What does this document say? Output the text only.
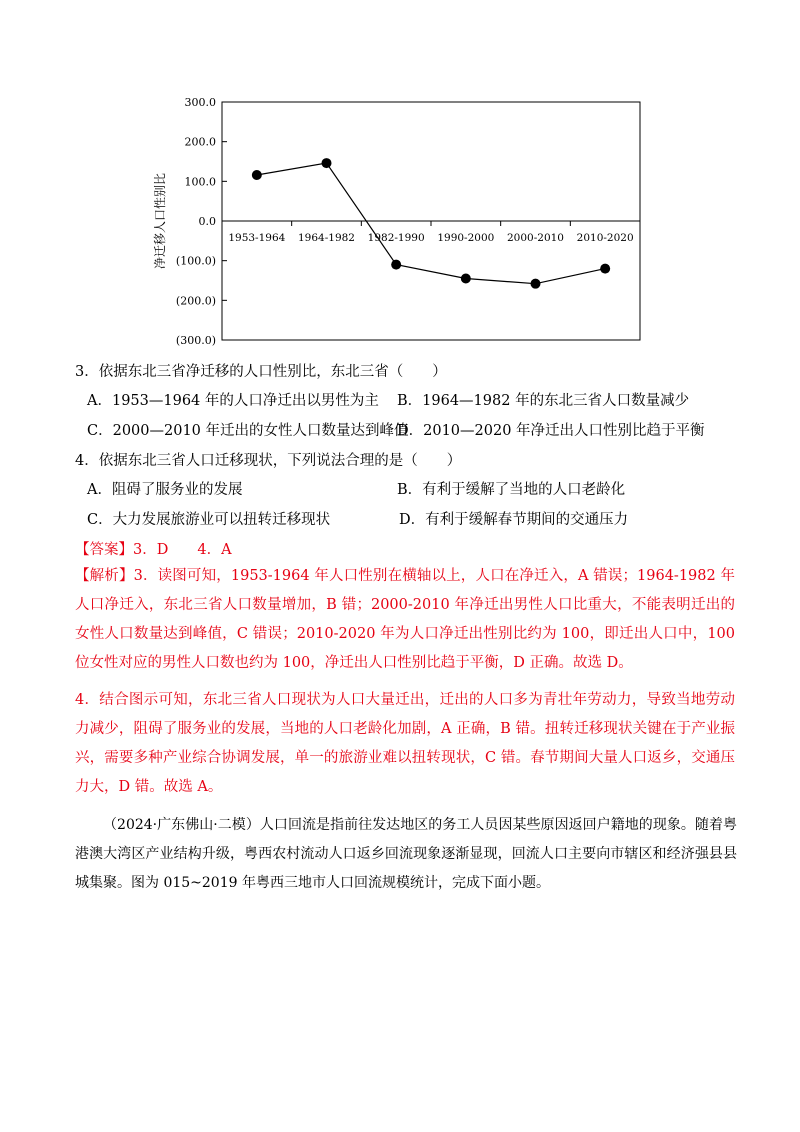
300.0
200.0
100.0
0.0
(100.0)
(200.0)
(300.0)
1953-1964 1964-1982 1982-1990 1990-2000 2000-2010 2010-2020
净迁移人口性别比
3．依据东北三省净迁移的人口性别比，东北三省（　　）
A．1953—1964 年的人口净迁出以男性为主 B．1964—1982 年的东北三省人口数量减少
C．2000—2010 年迁出的女性人口数量达到峰值
D．2010—2020 年净迁出人口性别比趋于平衡
4．依据东北三省人口迁移现状，下列说法合理的是（　　）
A．阻碍了服务业的发展	B．有利于缓解了当地的人口老龄化
C．大力发展旅游业可以扭转迁移现状	D．有利于缓解春节期间的交通压力
【答案】3．D　　4．A

【解析】3．读图可知，1953-1964 年人口性别在横轴以上，人口在净迁入，A 错误；1964-1982 年人口净迁入，东北三省人口数量增加，B 错；2000-2010 年净迁出男性人口比重大，不能表明迁出的女性人口数量达到峰值，C 错误；2010-2020 年为人口净迁出性别比约为 100，即迁出人口中，100 位女性对应的男性人口数也约为 100，净迁出人口性别比趋于平衡，D 正确。故选 D。

4．结合图示可知，东北三省人口现状为人口大量迁出，迁出的人口多为青壮年劳动力，导致当地劳动力减少，阻碍了服务业的发展，当地的人口老龄化加剧，A 正确，B 错。扭转迁移现状关键在于产业振兴，需要多种产业综合协调发展，单一的旅游业难以扭转现状，C 错。春节期间大量人口返乡，交通压力大，D 错。故选 A。

（2024·广东佛山·二模）人口回流是指前往发达地区的务工人员因某些原因返回户籍地的现象。随着粤港澳大湾区产业结构升级，粤西农村流动人口返乡回流现象逐渐显现，回流人口主要向市辖区和经济强县县城集聚。图为 015~2019 年粤西三地市人口回流规模统计，完成下面小题。
